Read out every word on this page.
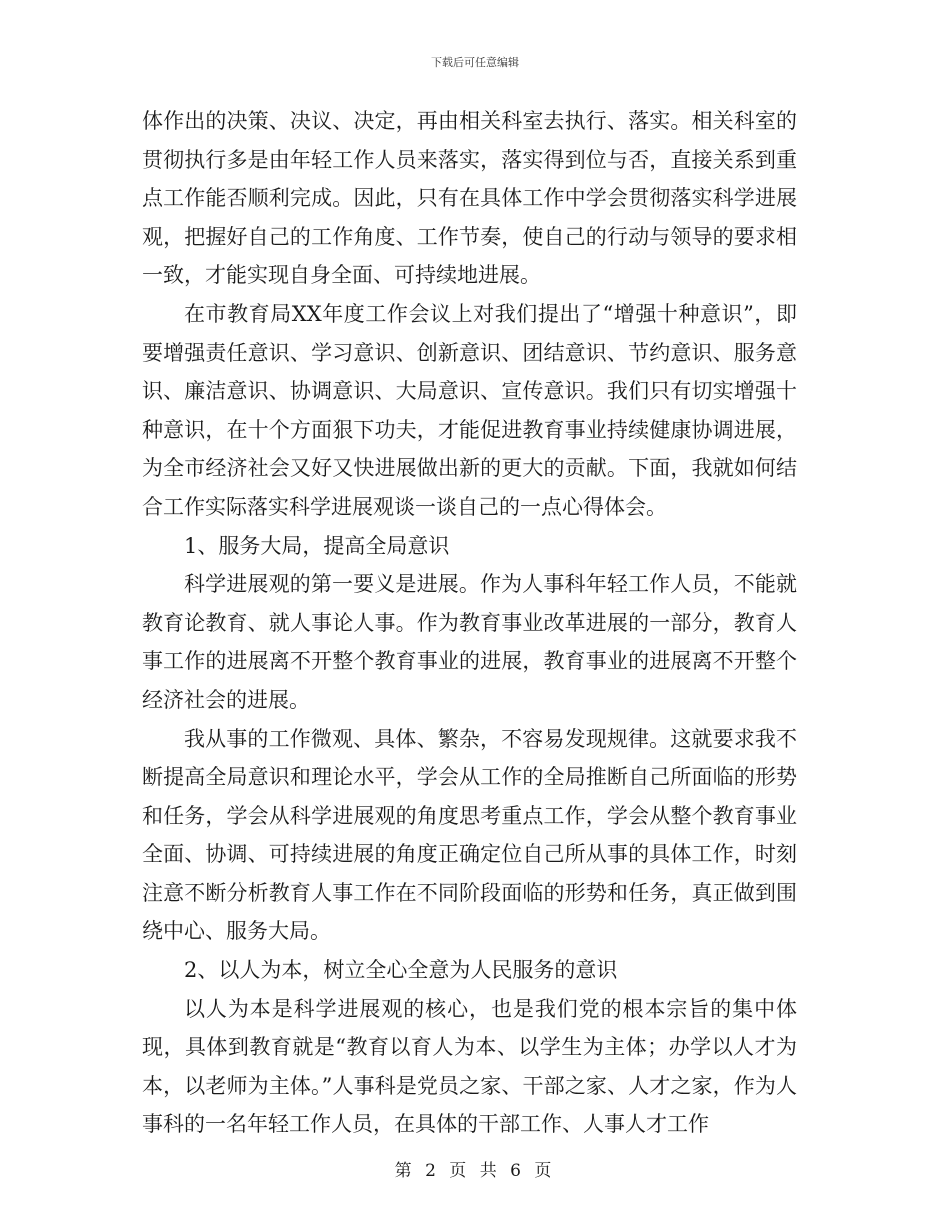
下载后可任意编辑

体作出的决策、决议、决定，再由相关科室去执行、落实。相关科室的贯彻执行多是由年轻工作人员来落实，落实得到位与否，直接关系到重点工作能否顺利完成。因此，只有在具体工作中学会贯彻落实科学进展观，把握好自己的工作角度、工作节奏，使自己的行动与领导的要求相一致，才能实现自身全面、可持续地进展。

在市教育局XX年度工作会议上对我们提出了“增强十种意识”，即要增强责任意识、学习意识、创新意识、团结意识、节约意识、服务意识、廉洁意识、协调意识、大局意识、宣传意识。我们只有切实增强十种意识，在十个方面狠下功夫，才能促进教育事业持续健康协调进展，为全市经济社会又好又快进展做出新的更大的贡献。下面，我就如何结合工作实际落实科学进展观谈一谈自己的一点心得体会。

1、服务大局，提高全局意识

科学进展观的第一要义是进展。作为人事科年轻工作人员，不能就教育论教育、就人事论人事。作为教育事业改革进展的一部分，教育人事工作的进展离不开整个教育事业的进展，教育事业的进展离不开整个经济社会的进展。

我从事的工作微观、具体、繁杂，不容易发现规律。这就要求我不断提高全局意识和理论水平，学会从工作的全局推断自己所面临的形势和任务，学会从科学进展观的角度思考重点工作，学会从整个教育事业全面、协调、可持续进展的角度正确定位自己所从事的具体工作，时刻注意不断分析教育人事工作在不同阶段面临的形势和任务，真正做到围绕中心、服务大局。

2、以人为本，树立全心全意为人民服务的意识

以人为本是科学进展观的核心，也是我们党的根本宗旨的集中体现，具体到教育就是“教育以育人为本、以学生为主体；办学以人才为本，以老师为主体。”人事科是党员之家、干部之家、人才之家，作为人事科的一名年轻工作人员，在具体的干部工作、人事人才工作

第 2 页 共 6 页
